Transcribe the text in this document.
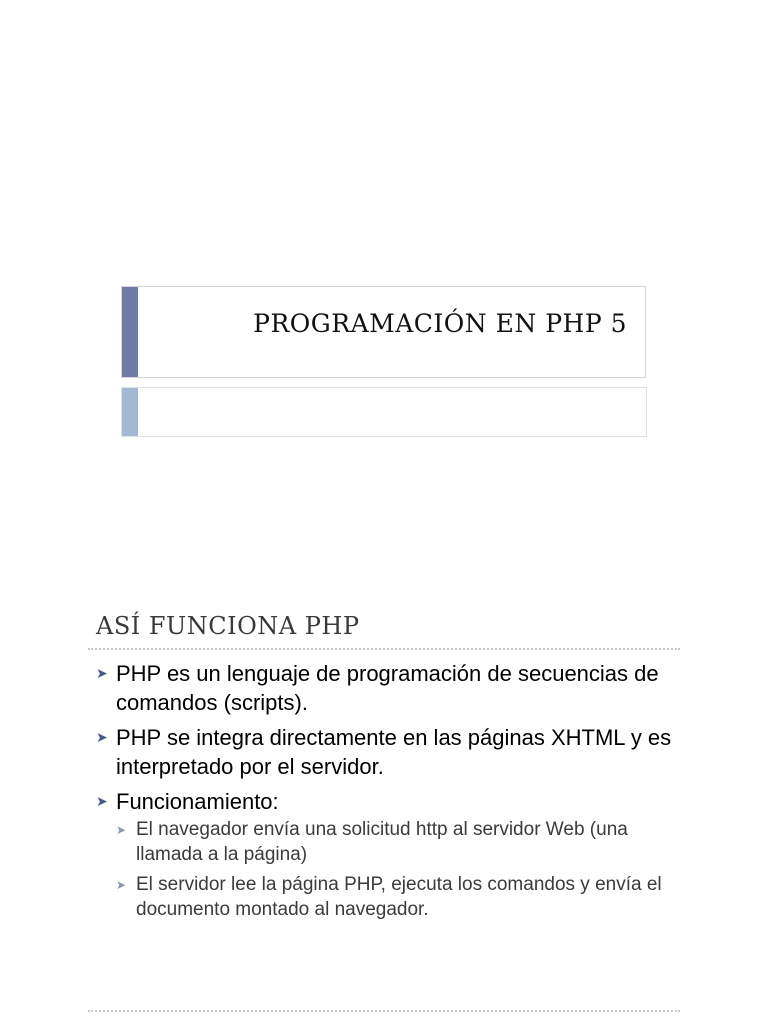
PROGRAMACIÓN EN PHP 5
ASÍ FUNCIONA PHP
➤ PHP es un lenguaje de programación de secuencias de comandos (scripts).
➤ PHP se integra directamente en las páginas XHTML y es interpretado por el servidor.
➤ Funcionamiento:
➤ El navegador envía una solicitud http al servidor Web (una llamada a la página)
➤ El servidor lee la página PHP, ejecuta los comandos y envía el documento montado al navegador.
